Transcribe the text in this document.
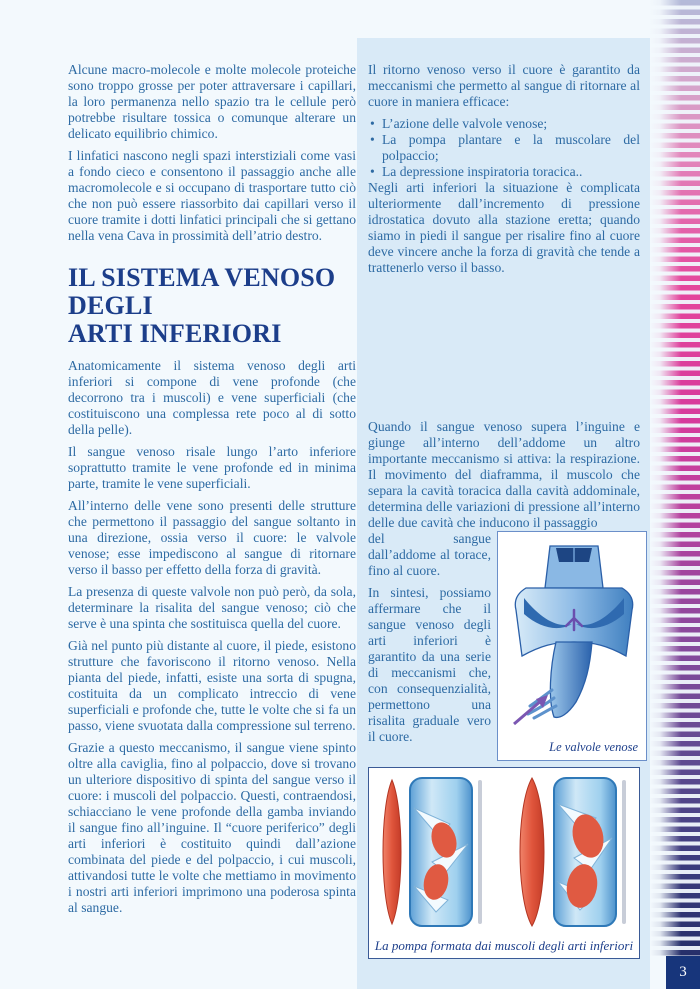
Alcune macro-molecole e molte molecole proteiche sono troppo grosse per poter attraversare i capillari, la loro permanenza nello spazio tra le cellule però potrebbe risultare tossica o comunque alterare un delicato equilibrio chimico.

I linfatici nascono negli spazi interstiziali come vasi a fondo cieco e consentono il passaggio anche alle macromolecole e si occupano di trasportare tutto ciò che non può essere riassorbito dai capillari verso il cuore tramite i dotti linfatici principali che si gettano nella vena Cava in prossimità dell’atrio destro.

IL SISTEMA VENOSO
DEGLI
ARTI INFERIORI

Anatomicamente il sistema venoso degli arti inferiori si compone di vene profonde (che decorrono tra i muscoli) e vene superficiali (che costituiscono una complessa rete poco al di sotto della pelle).

Il sangue venoso risale lungo l’arto inferiore soprattutto tramite le vene profonde ed in minima parte, tramite le vene superficiali.

All’interno delle vene sono presenti delle strutture che permettono il passaggio del sangue soltanto in una direzione, ossia verso il cuore: le valvole venose; esse impediscono al sangue di ritornare verso il basso per effetto della forza di gravità.

La presenza di queste valvole non può però, da sola, determinare la risalita del sangue venoso; ciò che serve è una spinta che sostituisca quella del cuore.

Già nel punto più distante al cuore, il piede, esistono strutture che favoriscono il ritorno venoso. Nella pianta del piede, infatti, esiste una sorta di spugna, costituita da un complicato intreccio di vene superficiali e profonde che, tutte le volte che si fa un passo, viene svuotata dalla compressione sul terreno.

Grazie a questo meccanismo, il sangue viene spinto oltre alla caviglia, fino al polpaccio, dove si trovano un ulteriore dispositivo di spinta del sangue verso il cuore: i muscoli del polpaccio. Questi, contraendosi, schiacciano le vene profonde della gamba inviando il sangue fino all’inguine. Il “cuore periferico” degli arti inferiori è costituito quindi dall’azione combinata del piede e del polpaccio, i cui muscoli, attivandosi tutte le volte che mettiamo in movimento i nostri arti inferiori imprimono una poderosa spinta al sangue.

Il ritorno venoso verso il cuore è garantito da meccanismi che permetto al sangue di ritornare al cuore in maniera efficace:

• L’azione delle valvole venose;
• La pompa plantare e la muscolare del polpaccio;
• La depressione inspiratoria toracica..

Negli arti inferiori la situazione è complicata ulteriormente dall’incremento di pressione idrostatica dovuto alla stazione eretta; quando siamo in piedi il sangue per risalire fino al cuore deve vincere anche la forza di gravità che tende a trattenerlo verso il basso.

Quando il sangue venoso supera l’inguine e giunge all’interno dell’addome un altro importante meccanismo si attiva: la respirazione. Il movimento del diaframma, il muscolo che separa la cavità toracica dalla cavità addominale, determina delle variazioni di pressione all’interno delle due cavità che inducono il passaggio

Le valvole venose

del sangue dall’addome al torace, fino al cuore.

In sintesi, possiamo affermare che il sangue venoso degli arti inferiori è garantito da una serie di meccanismi che, con consequenzialità, permettono una risalita graduale vero il cuore.

La pompa formata dai muscoli degli arti inferiori
3
